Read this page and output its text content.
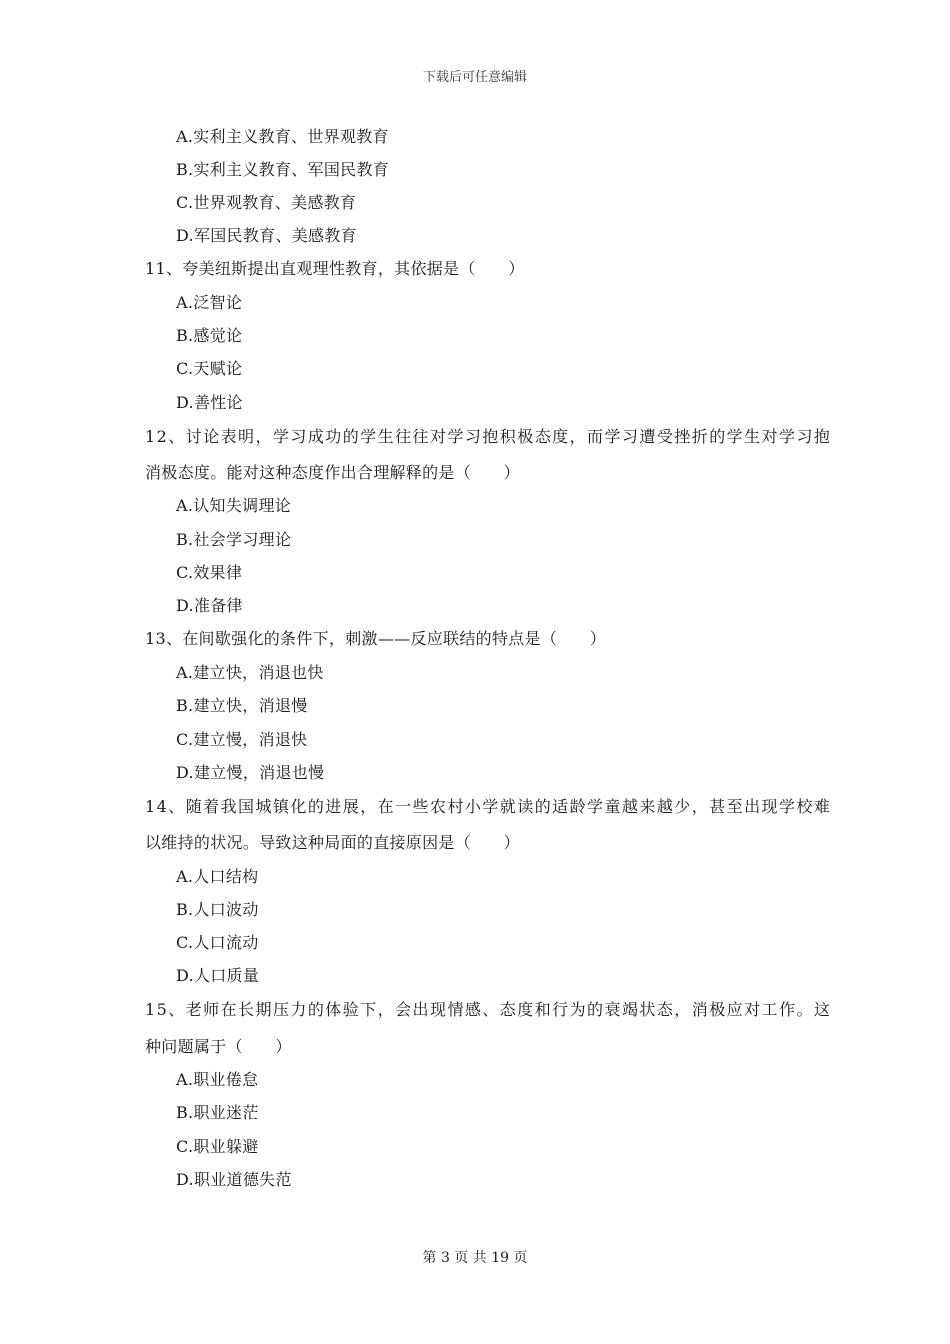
下载后可任意编辑
A.实利主义教育、世界观教育
B.实利主义教育、军国民教育
C.世界观教育、美感教育
D.军国民教育、美感教育
11、夸美纽斯提出直观理性教育，其依据是（　　）
A.泛智论
B.感觉论
C.天赋论
D.善性论
12、讨论表明，学习成功的学生往往对学习抱积极态度，而学习遭受挫折的学生对学习抱
消极态度。能对这种态度作出合理解释的是（　　）
A.认知失调理论
B.社会学习理论
C.效果律
D.准备律
13、在间歇强化的条件下，刺激——反应联结的特点是（　　）
A.建立快，消退也快
B.建立快，消退慢
C.建立慢，消退快
D.建立慢，消退也慢
14、随着我国城镇化的进展，在一些农村小学就读的适龄学童越来越少，甚至出现学校难
以维持的状况。导致这种局面的直接原因是（　　）
A.人口结构
B.人口波动
C.人口流动
D.人口质量
15、老师在长期压力的体验下，会出现情感、态度和行为的衰竭状态，消极应对工作。这
种问题属于（　　）
A.职业倦怠
B.职业迷茫
C.职业躲避
D.职业道德失范
第 3 页 共 19 页
